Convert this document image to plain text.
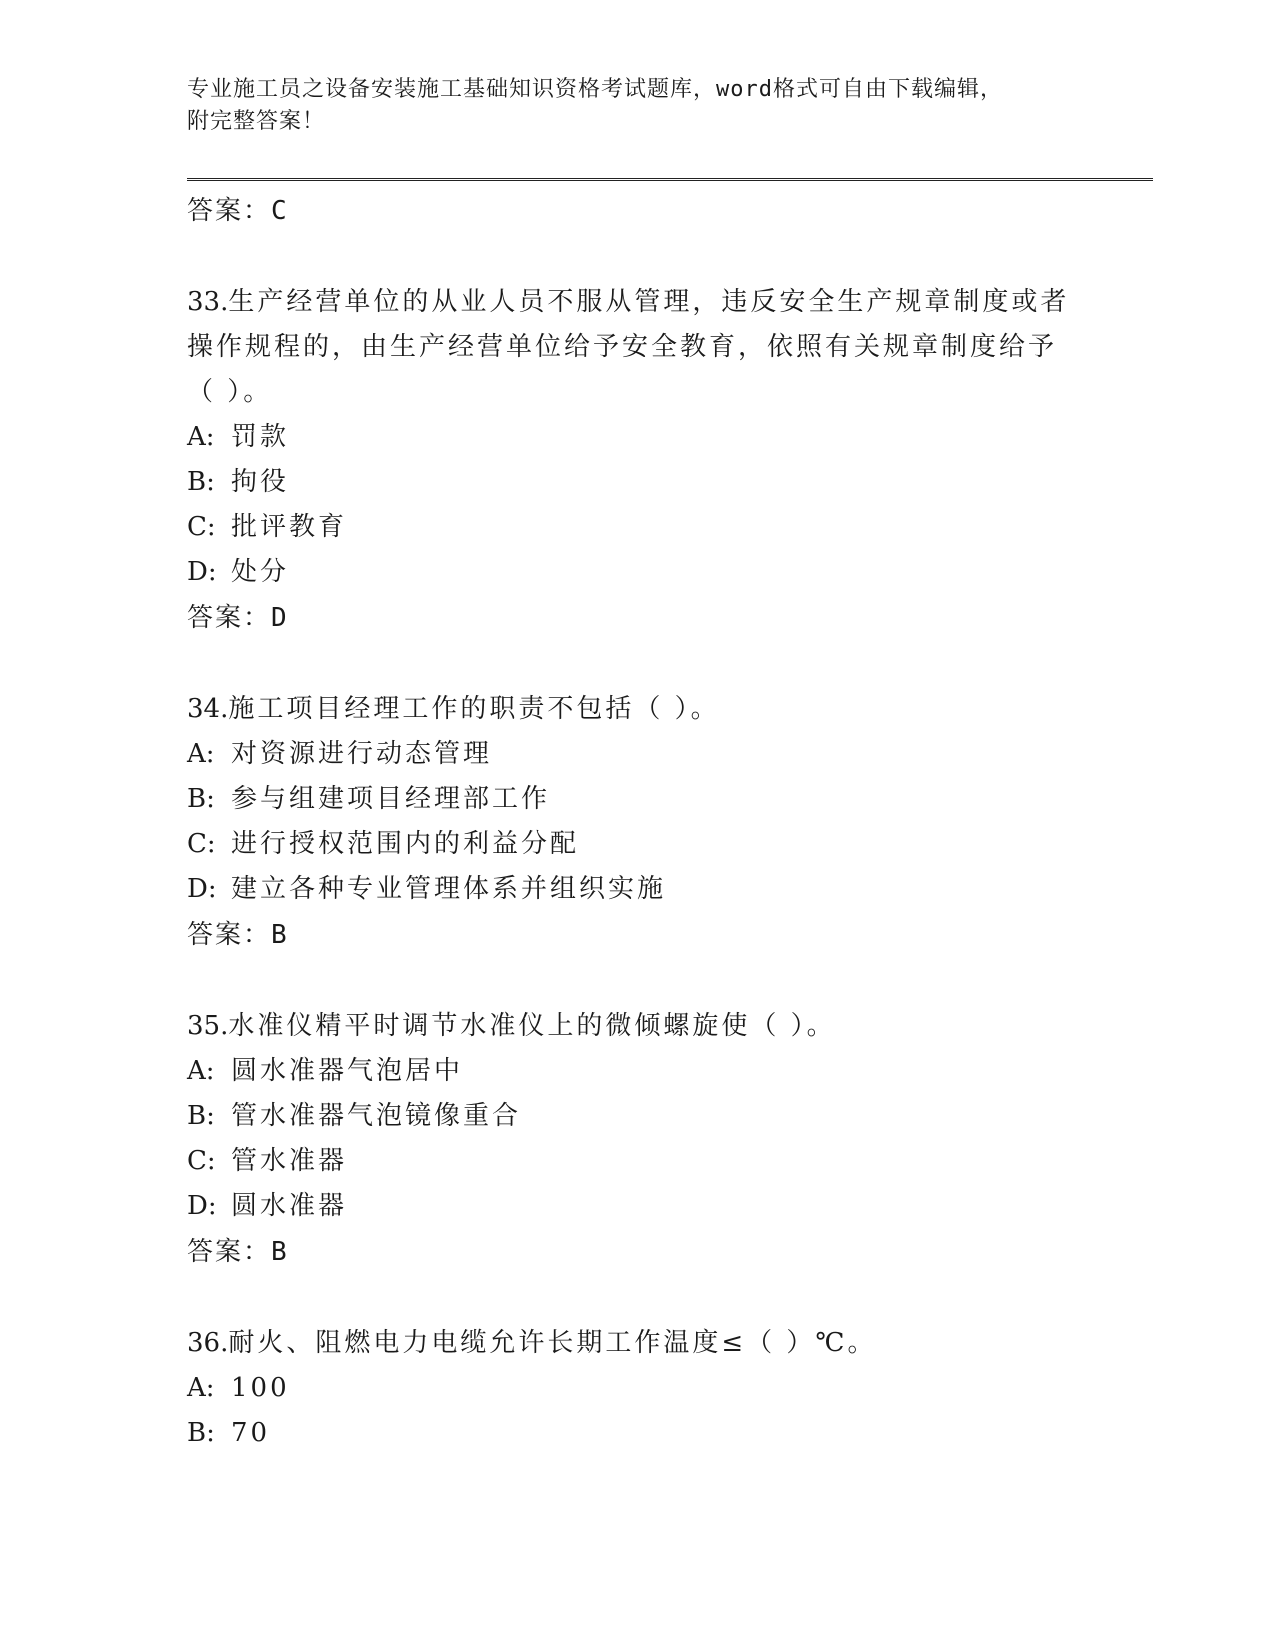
专业施工员之设备安装施工基础知识资格考试题库，word格式可自由下载编辑，
附完整答案！
答案：C
33.生产经营单位的从业人员不服从管理，违反安全生产规章制度或者
操作规程的，由生产经营单位给予安全教育，依照有关规章制度给予
（ ）。
A: 罚款
B: 拘役
C: 批评教育
D: 处分
答案：D
34.施工项目经理工作的职责不包括（ ）。
A: 对资源进行动态管理
B: 参与组建项目经理部工作
C: 进行授权范围内的利益分配
D: 建立各种专业管理体系并组织实施
答案：B
35.水准仪精平时调节水准仪上的微倾螺旋使（ ）。
A: 圆水准器气泡居中
B: 管水准器气泡镜像重合
C: 管水准器
D: 圆水准器
答案：B
36.耐火、阻燃电力电缆允许长期工作温度≤（ ）℃。
A: 100
B: 70
